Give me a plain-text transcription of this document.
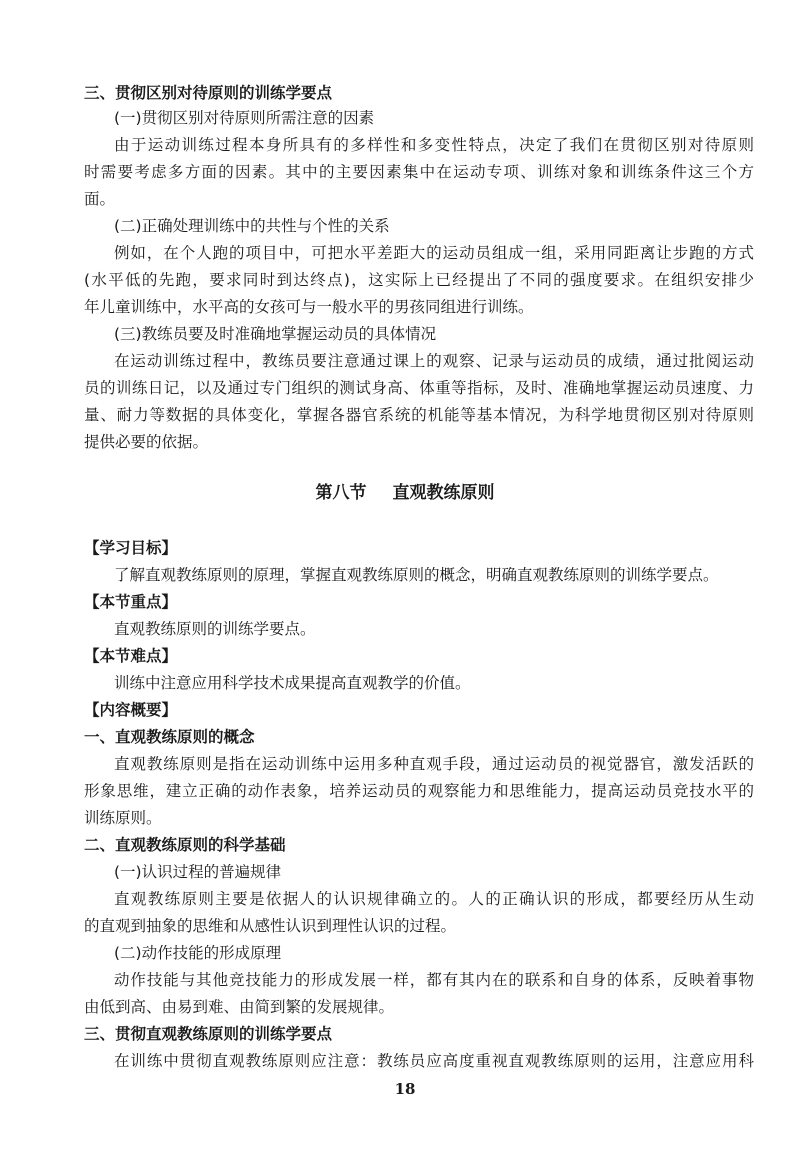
三、贯彻区别对待原则的训练学要点
(一)贯彻区别对待原则所需注意的因素
由于运动训练过程本身所具有的多样性和多变性特点，决定了我们在贯彻区别对待原则
时需要考虑多方面的因素。其中的主要因素集中在运动专项、训练对象和训练条件这三个方
面。
(二)正确处理训练中的共性与个性的关系
例如，在个人跑的项目中，可把水平差距大的运动员组成一组，采用同距离让步跑的方式
(水平低的先跑，要求同时到达终点)，这实际上已经提出了不同的强度要求。在组织安排少
年儿童训练中，水平高的女孩可与一般水平的男孩同组进行训练。
(三)教练员要及时准确地掌握运动员的具体情况
在运动训练过程中，教练员要注意通过课上的观察、记录与运动员的成绩，通过批阅运动
员的训练日记，以及通过专门组织的测试身高、体重等指标，及时、准确地掌握运动员速度、力
量、耐力等数据的具体变化，掌握各器官系统的机能等基本情况，为科学地贯彻区别对待原则
提供必要的依据。
第八节 直观教练原则
【学习目标】
了解直观教练原则的原理，掌握直观教练原则的概念，明确直观教练原则的训练学要点。
【本节重点】
直观教练原则的训练学要点。
【本节难点】
训练中注意应用科学技术成果提高直观教学的价值。
【内容概要】
一、直观教练原则的概念
直观教练原则是指在运动训练中运用多种直观手段，通过运动员的视觉器官，激发活跃的
形象思维，建立正确的动作表象，培养运动员的观察能力和思维能力，提高运动员竞技水平的
训练原则。
二、直观教练原则的科学基础
(一)认识过程的普遍规律
直观教练原则主要是依据人的认识规律确立的。人的正确认识的形成，都要经历从生动
的直观到抽象的思维和从感性认识到理性认识的过程。
(二)动作技能的形成原理
动作技能与其他竞技能力的形成发展一样，都有其内在的联系和自身的体系，反映着事物
由低到高、由易到难、由简到繁的发展规律。
三、贯彻直观教练原则的训练学要点
在训练中贯彻直观教练原则应注意：教练员应高度重视直观教练原则的运用，注意应用科
18
